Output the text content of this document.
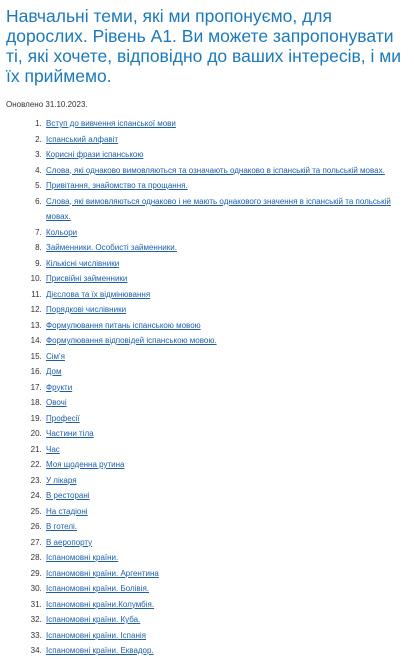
Навчальні теми, які ми пропонуємо, для дорослих. Рівень А1. Ви можете запропонувати ті, які хочете, відповідно до ваших інтересів, і ми їх приймемо.
Оновлено 31.10.2023.
1. Вступ до вивчення іспанської мови
2. Іспанський алфавіт
3. Корисні фрази іспанською
4. Слова, які однаково вимовляються та означають однаково в іспанській та польській мовах.
5. Привітання, знайомство та прощання.
6. Слова, які вимовляються однаково і не мають однакового значення в іспанській та польській мовах.
7. Кольори
8. Займенники. Особисті займенники.
9. Кількісні числівники
10. Присвійні займенники
11. Дієслова та їх відмінювання
12. Порядкові числівники
13. Формулювання питань іспанською мовою
14. Формулювання відповідей іспанською мовою.
15. Сім'я
16. Дом
17. Фрукти
18. Овочі
19. Професії
20. Частини тіла
21. Час
22. Моя щоденна рутина
23. У лікаря
24. В ресторані
25. На стадіоні
26. В готелі.
27. В аеропорту
28. Іспаномовні країни.
29. Іспаномовні країни. Аргентина
30. Іспаномовні країни. Болівія.
31. Іспаномовні країни.Колумбія.
32. Іспаномовні країни. Куба.
33. Іспаномовні країни. Іспанія
34. Іспаномовні країни. Еквадор.
